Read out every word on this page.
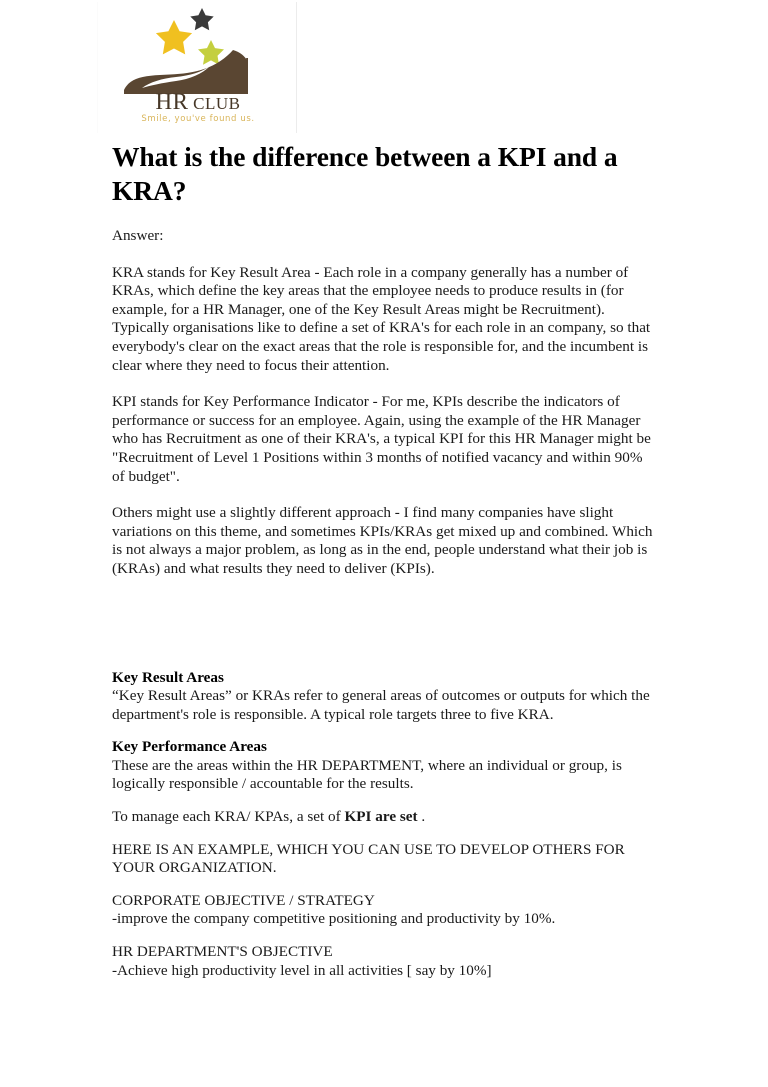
HR CLUB
Smile, you've found us.
What is the difference between a KPI and a KRA?

Answer:

KRA stands for Key Result Area - Each role in a company generally has a number of KRAs, which define the key areas that the employee needs to produce results in (for example, for a HR Manager, one of the Key Result Areas might be Recruitment). Typically organisations like to define a set of KRA's for each role in an company, so that everybody's clear on the exact areas that the role is responsible for, and the incumbent is clear where they need to focus their attention.

KPI stands for Key Performance Indicator - For me, KPIs describe the indicators of performance or success for an employee. Again, using the example of the HR Manager who has Recruitment as one of their KRA's, a typical KPI for this HR Manager might be "Recruitment of Level 1 Positions within 3 months of notified vacancy and within 90% of budget".

Others might use a slightly different approach - I find many companies have slight variations on this theme, and sometimes KPIs/KRAs get mixed up and combined. Which is not always a major problem, as long as in the end, people understand what their job is (KRAs) and what results they need to deliver (KPIs).

Key Result Areas

“Key Result Areas” or KRAs refer to general areas of outcomes or outputs for which the department's role is responsible. A typical role targets three to five KRA.

Key Performance Areas

These are the areas within the HR DEPARTMENT, where an individual or group, is logically responsible / accountable for the results.

To manage each KRA/ KPAs, a set of KPI are set .

HERE IS AN EXAMPLE, WHICH YOU CAN USE TO DEVELOP OTHERS FOR YOUR ORGANIZATION.

CORPORATE OBJECTIVE / STRATEGY

-improve the company competitive positioning and productivity by 10%.

HR DEPARTMENT'S OBJECTIVE

-Achieve high productivity level in all activities [ say by 10%]
